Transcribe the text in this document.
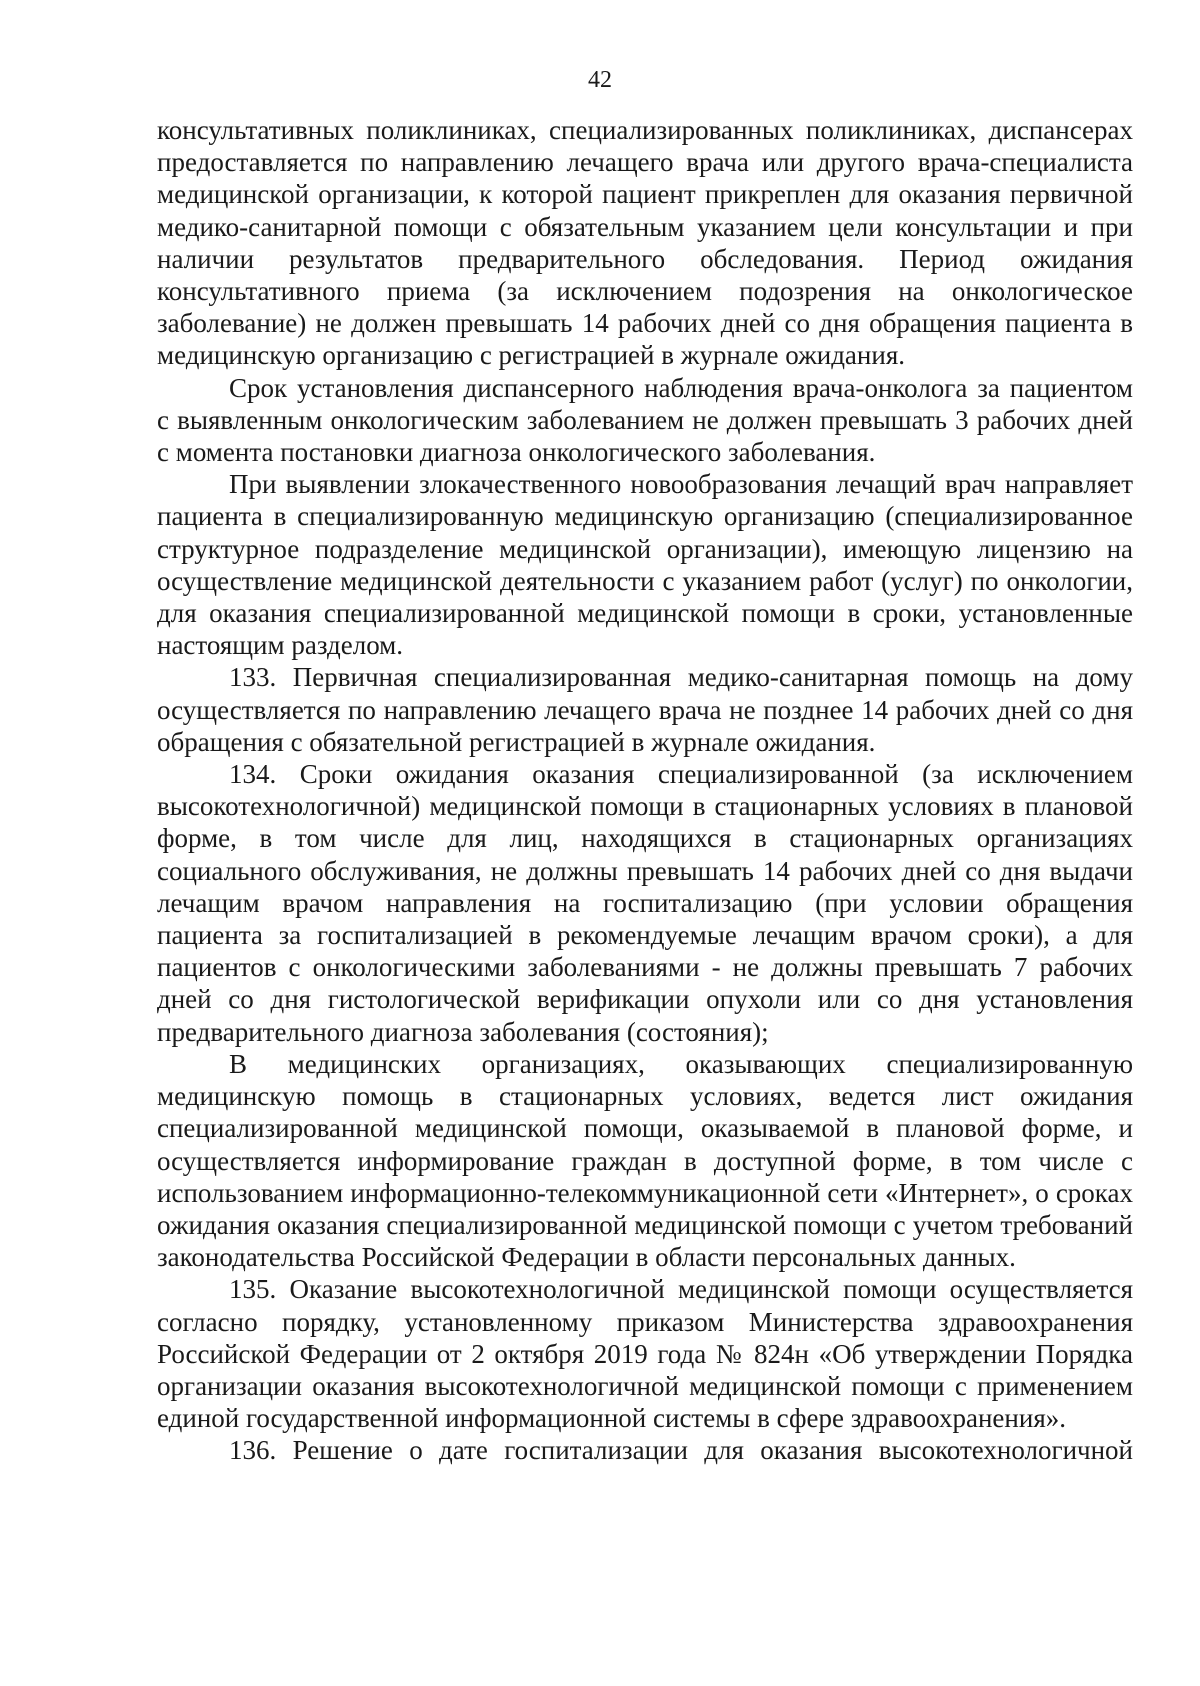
42

консультативных поликлиниках, специализированных поликлиниках, диспансерах предоставляется по направлению лечащего врача или другого врача-специалиста медицинской организации, к которой пациент прикреплен для оказания первичной медико-санитарной помощи с обязательным указанием цели консультации и при наличии результатов предварительного обследования. Период ожидания консультативного приема (за исключением подозрения на онкологическое заболевание) не должен превышать 14 рабочих дней со дня обращения пациента в медицинскую организацию с регистрацией в журнале ожидания.

Срок установления диспансерного наблюдения врача-онколога за пациентом с выявленным онкологическим заболеванием не должен превышать 3 рабочих дней с момента постановки диагноза онкологического заболевания.

При выявлении злокачественного новообразования лечащий врач направляет пациента в специализированную медицинскую организацию (специализированное структурное подразделение медицинской организации), имеющую лицензию на осуществление медицинской деятельности с указанием работ (услуг) по онкологии, для оказания специализированной медицинской помощи в сроки, установленные настоящим разделом.

133. Первичная специализированная медико-санитарная помощь на дому осуществляется по направлению лечащего врача не позднее 14 рабочих дней со дня обращения с обязательной регистрацией в журнале ожидания.

134. Сроки ожидания оказания специализированной (за исключением высокотехнологичной) медицинской помощи в стационарных условиях в плановой форме, в том числе для лиц, находящихся в стационарных организациях социального обслуживания, не должны превышать 14 рабочих дней со дня выдачи лечащим врачом направления на госпитализацию (при условии обращения пациента за госпитализацией в рекомендуемые лечащим врачом сроки), а для пациентов с онкологическими заболеваниями - не должны превышать 7 рабочих дней со дня гистологической верификации опухоли или со дня установления предварительного диагноза заболевания (состояния);

В медицинских организациях, оказывающих специализированную медицинскую помощь в стационарных условиях, ведется лист ожидания специализированной медицинской помощи, оказываемой в плановой форме, и осуществляется информирование граждан в доступной форме, в том числе с использованием информационно-телекоммуникационной сети «Интернет», о сроках ожидания оказания специализированной медицинской помощи с учетом требований законодательства Российской Федерации в области персональных данных.

135. Оказание высокотехнологичной медицинской помощи осуществляется согласно порядку, установленному приказом Министерства здравоохранения Российской Федерации от 2 октября 2019 года № 824н «Об утверждении Порядка организации оказания высокотехнологичной медицинской помощи с применением единой государственной информационной системы в сфере здравоохранения».

136. Решение о дате госпитализации для оказания высокотехнологичной
